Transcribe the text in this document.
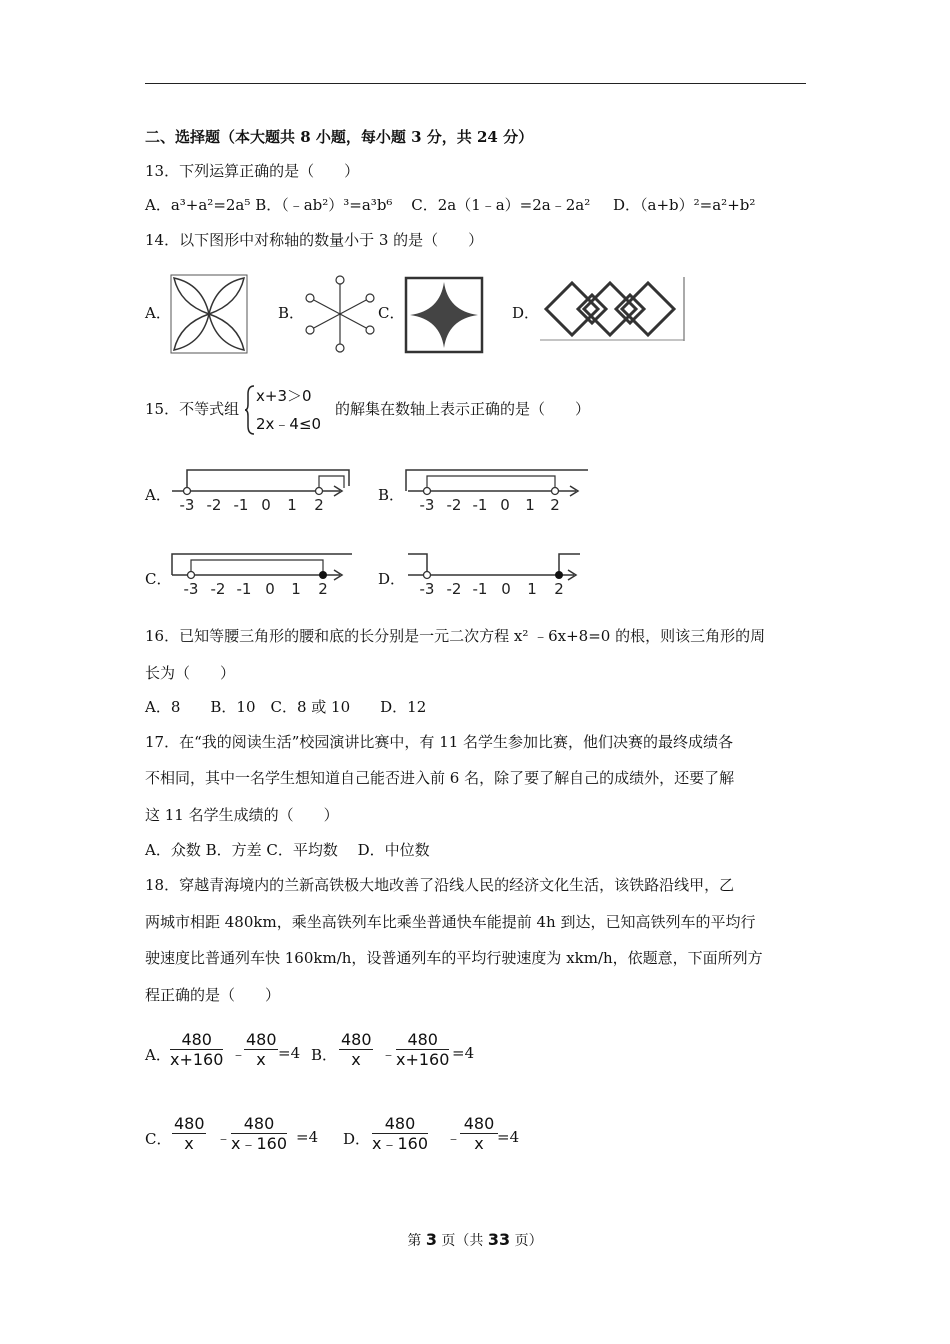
二、选择题（本大题共 8 小题，每小题 3 分，共 24 分）
13．下列运算正确的是（　　）
A．a³+a²=2a⁵ B．（﹣ab²）³=a³b⁶ C．2a（1﹣a）=2a﹣2a² D．（a+b）²=a²+b²
14．以下图形中对称轴的数量小于 3 的是（　　）
A．	B．	C．	D．
15．不等式组
x+3＞0
2x﹣4≤0
的解集在数轴上表示正确的是（　　）
A．
-3 -2 -1 0 1 2
B．
-3 -2 -1 0 1 2
C．
-3 -2 -1 0 1 2
D．
-3 -2 -1 0 1 2
16．已知等腰三角形的腰和底的长分别是一元二次方程 x² ﹣6x+8=0 的根，则该三角形的周
长为（　　）
A．8　　B．10　C．8 或 10　　D．12
17．在“我的阅读生活”校园演讲比赛中，有 11 名学生参加比赛，他们决赛的最终成绩各
不相同，其中一名学生想知道自己能否进入前 6 名，除了要了解自己的成绩外，还要了解
这 11 名学生成绩的（　　）
A．众数 B．方差 C．平均数　 D．中位数
18．穿越青海境内的兰新高铁极大地改善了沿线人民的经济文化生活，该铁路沿线甲，乙
两城市相距 480km，乘坐高铁列车比乘坐普通快车能提前 4h 到达，已知高铁列车的平均行
驶速度比普通列车快 160km/h，设普通列车的平均行驶速度为 xkm/h，依题意，下面所列方
程正确的是（　　）
A． $\frac{480}{x+160}$ ﹣
$\frac{480}{x} =4$ B． $\frac{480}{x}$ ﹣ $\frac{480}{x+160} =4$
C． $\frac{480}{x}$ ﹣ $\frac{480}{x﹣160} =4$ D． $\frac{480}{x﹣160}$ ﹣
$\frac{480}{x} =4$
第 3 页（共 33 页）
